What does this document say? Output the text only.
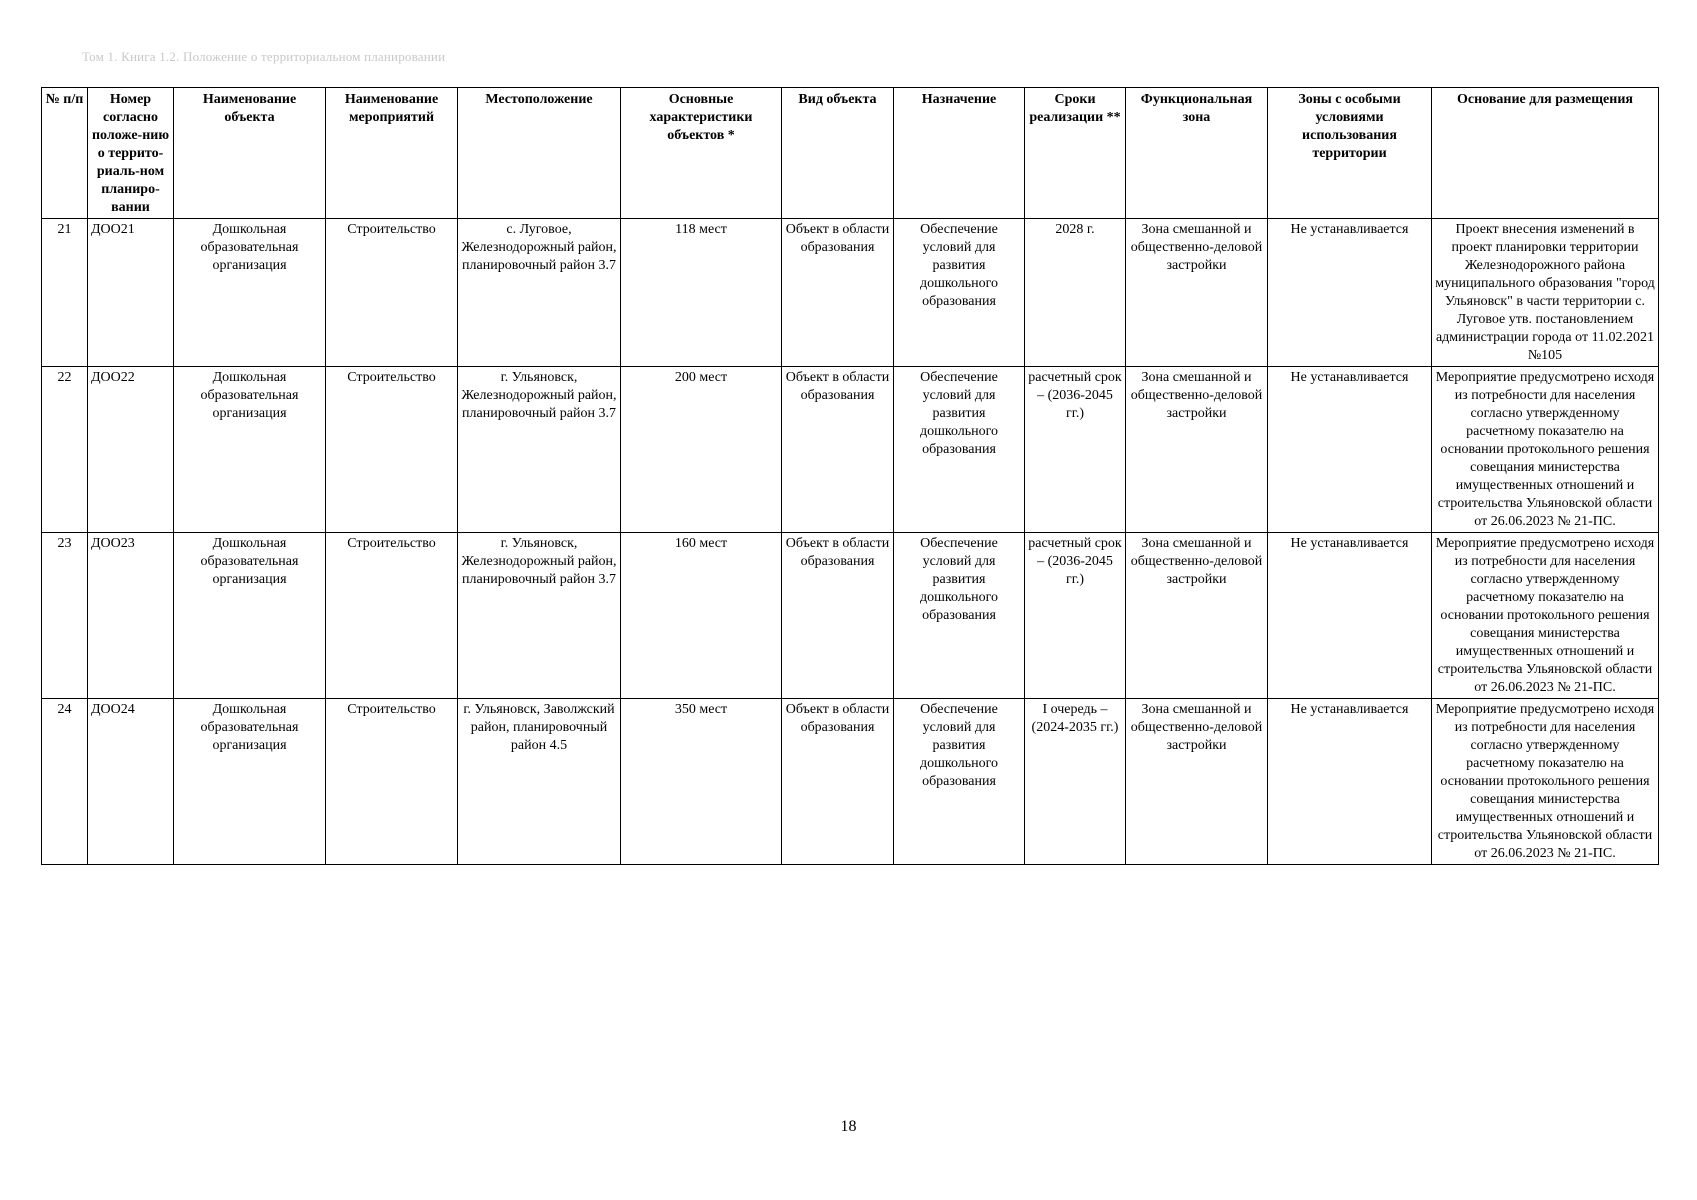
Том 1. Книга 1.2. Положение о территориальном планировании
№ п/п	Номер согласно положе-нию о террито-риаль-ном планиро-вании	Наименование объекта	Наименование мероприятий	Местоположение	Основные характеристики объектов *	Вид объекта	Назначение	Сроки реализации **	Функциональная зона	Зоны с особыми условиями использования территории	Основание для размещения
21	ДОО21	Дошкольная образовательная организация	Строительство	с. Луговое, Железнодорожный район, планировочный район 3.7	118 мест	Объект в области образования	Обеспечение условий для развития дошкольного образования	2028 г.	Зона смешанной и общественно-деловой застройки	Не устанавливается	Проект внесения изменений в проект планировки территории Железнодорожного района муниципального образования "город Ульяновск" в части территории с. Луговое утв. постановлением администрации города от 11.02.2021 №105
22	ДОО22	Дошкольная образовательная организация	Строительство	г. Ульяновск, Железнодорожный район, планировочный район 3.7	200 мест	Объект в области образования	Обеспечение условий для развития дошкольного образования	расчетный срок – (2036-2045 гг.)	Зона смешанной и общественно-деловой застройки	Не устанавливается	Мероприятие предусмотрено исходя из потребности для населения согласно утвержденному расчетному показателю на основании протокольного решения совещания министерства имущественных отношений и строительства Ульяновской области от 26.06.2023 № 21-ПС.
23	ДОО23	Дошкольная образовательная организация	Строительство	г. Ульяновск, Железнодорожный район, планировочный район 3.7	160 мест	Объект в области образования	Обеспечение условий для развития дошкольного образования	расчетный срок – (2036-2045 гг.)	Зона смешанной и общественно-деловой застройки	Не устанавливается	Мероприятие предусмотрено исходя из потребности для населения согласно утвержденному расчетному показателю на основании протокольного решения совещания министерства имущественных отношений и строительства Ульяновской области от 26.06.2023 № 21-ПС.
24	ДОО24	Дошкольная образовательная организация	Строительство	г. Ульяновск, Заволжский район, планировочный район 4.5	350 мест	Объект в области образования	Обеспечение условий для развития дошкольного образования	I очередь – (2024-2035 гг.)	Зона смешанной и общественно-деловой застройки	Не устанавливается	Мероприятие предусмотрено исходя из потребности для населения согласно утвержденному расчетному показателю на основании протокольного решения совещания министерства имущественных отношений и строительства Ульяновской области от 26.06.2023 № 21-ПС.
18
